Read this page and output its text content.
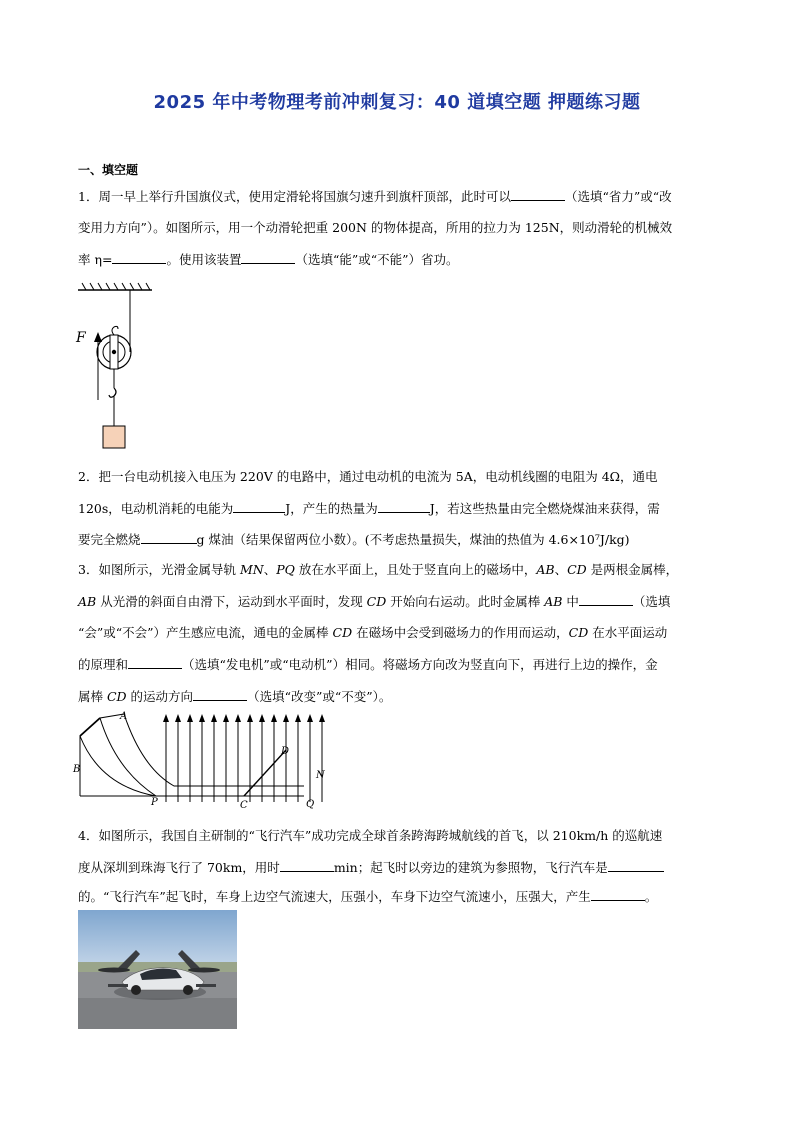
2025 年中考物理考前冲刺复习：40 道填空题 押题练习题
一、填空题
1．周一早上举行升国旗仪式，使用定滑轮将国旗匀速升到旗杆顶部，此时可以	（选填“省力”或“改
变用力方向”）。如图所示，用一个动滑轮把重 200N 的物体提高，所用的拉力为 125N，则动滑轮的机械效
率 η=	。使用该装置	（选填“能”或“不能”）省功。
F
2．把一台电动机接入电压为 220V 的电路中，通过电动机的电流为 5A，电动机线圈的电阻为 4Ω，通电
120s，电动机消耗的电能为	J，产生的热量为	J，若这些热量由完全燃烧煤油来获得，需
要完全燃烧	g 煤油（结果保留两位小数）。(不考虑热量损失，煤油的热值为 4.6×10⁷J/kg)
3．如图所示，光滑金属导轨 MN、PQ 放在水平面上，且处于竖直向上的磁场中，AB、CD 是两根金属棒，
AB 从光滑的斜面自由滑下，运动到水平面时，发现 CD 开始向右运动。此时金属棒 AB 中	（选填
“会”或“不会”）产生感应电流，通电的金属棒 CD 在磁场中会受到磁场力的作用而运动，CD 在水平面运动
的原理和	（选填“发电机”或“电动机”）相同。将磁场方向改为竖直向下，再进行上边的操作，金
属棒 CD 的运动方向	（选填“改变”或“不变”）。
A
B
P	C
D
Q
N
4．如图所示，我国自主研制的“飞行汽车”成功完成全球首条跨海跨城航线的首飞，以 210km/h 的巡航速
度从深圳到珠海飞行了 70km，用时	min；起飞时以旁边的建筑为参照物，飞行汽车是
的。“飞行汽车”起飞时，车身上边空气流速大，压强小，车身下边空气流速小，压强大，产生	。
